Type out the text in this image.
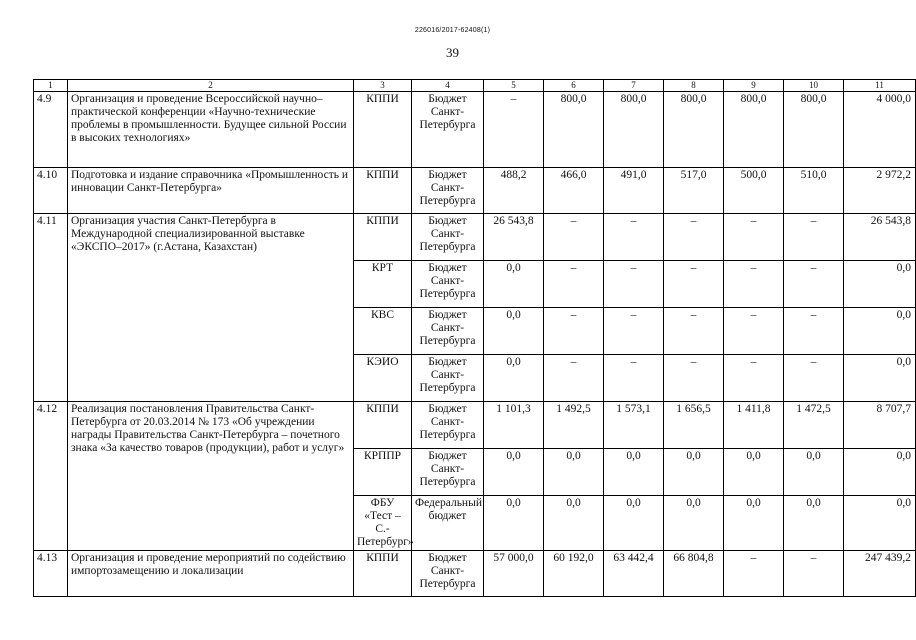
226016/2017-62408(1)
39
1	2	3	4	5	6	7	8	9	10	11
4.9	Организация и проведение Всероссийской научно–практической конференции «Научно-технические проблемы в промышленности. Будущее сильной России в высоких технологиях»	КППИ	Бюджет Санкт-Петербурга	–	800,0	800,0	800,0	800,0	800,0	4 000,0
4.10	Подготовка и издание справочника «Промышленность и инновации Санкт-Петербурга»	КППИ	Бюджет Санкт-Петербурга	488,2	466,0	491,0	517,0	500,0	510,0	2 972,2
4.11	Организация участия Санкт-Петербурга в Международной специализированной выставке «ЭКСПО–2017» (г.Астана, Казахстан)	КППИ	Бюджет Санкт-Петербурга	26 543,8	–	–	–	–	–	26 543,8
		КРТ	Бюджет Санкт-Петербурга	0,0	–	–	–	–	–	0,0
		КВС	Бюджет Санкт-Петербурга	0,0	–	–	–	–	–	0,0
		КЭИО	Бюджет Санкт-Петербурга	0,0	–	–	–	–	–	0,0
4.12	Реализация постановления Правительства Санкт-Петербурга от 20.03.2014 № 173 «Об учреждении награды Правительства Санкт-Петербурга – почетного знака «За качество товаров (продукции), работ и услуг»	КППИ	Бюджет Санкт-Петербурга	1 101,3	1 492,5	1 573,1	1 656,5	1 411,8	1 472,5	8 707,7
		КРППР	Бюджет Санкт-Петербурга	0,0	0,0	0,0	0,0	0,0	0,0	0,0
		ФБУ «Тест – С.-Петербург»	Федеральный бюджет	0,0	0,0	0,0	0,0	0,0	0,0	0,0
4.13	Организация и проведение мероприятий по содействию импортозамещению и локализации	КППИ	Бюджет Санкт-Петербурга	57 000,0	60 192,0	63 442,4	66 804,8	–	–	247 439,2
